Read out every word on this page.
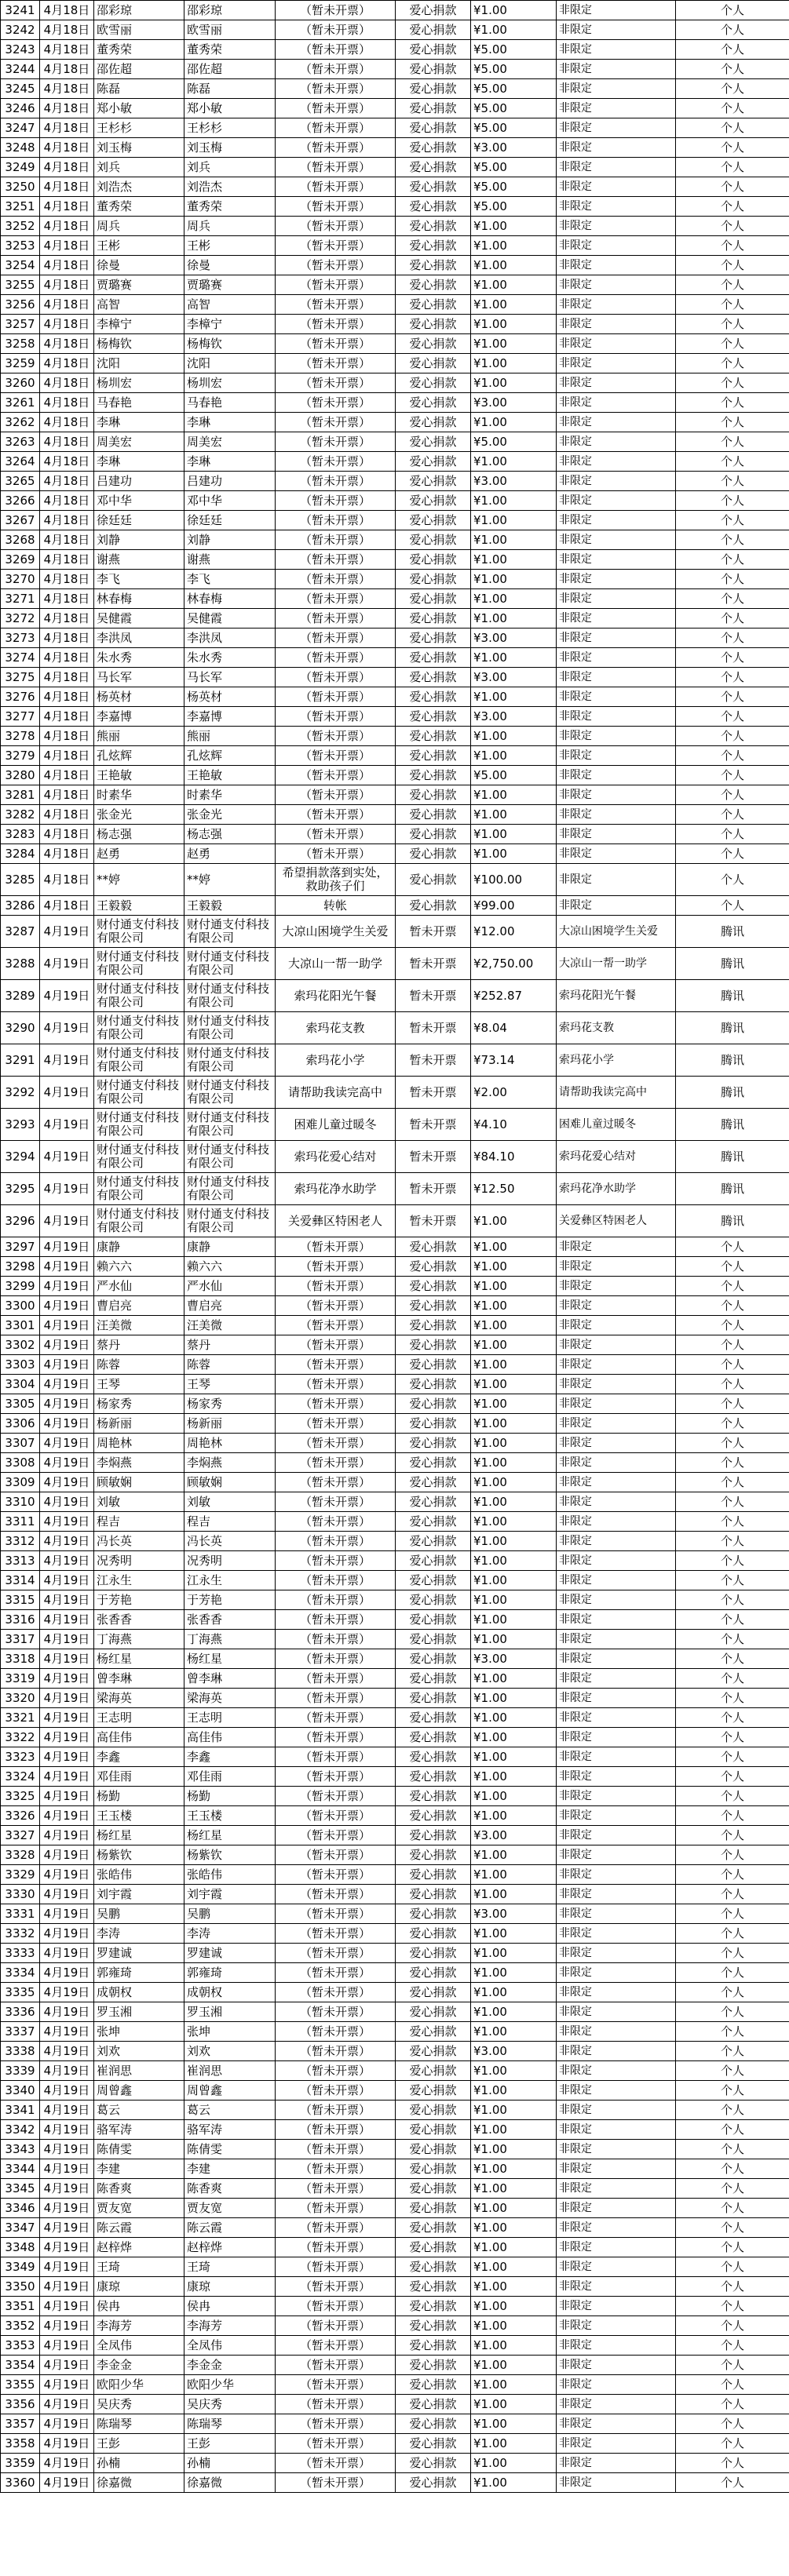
3241	4月18日	邵彩琼	邵彩琼	（暂未开票）	爱心捐款	¥1.00	非限定	个人
3242	4月18日	欧雪丽	欧雪丽	（暂未开票）	爱心捐款	¥1.00	非限定	个人
3243	4月18日	董秀荣	董秀荣	（暂未开票）	爱心捐款	¥5.00	非限定	个人
3244	4月18日	邵佐超	邵佐超	（暂未开票）	爱心捐款	¥5.00	非限定	个人
3245	4月18日	陈磊	陈磊	（暂未开票）	爱心捐款	¥5.00	非限定	个人
3246	4月18日	郑小敏	郑小敏	（暂未开票）	爱心捐款	¥5.00	非限定	个人
3247	4月18日	王杉杉	王杉杉	（暂未开票）	爱心捐款	¥5.00	非限定	个人
3248	4月18日	刘玉梅	刘玉梅	（暂未开票）	爱心捐款	¥3.00	非限定	个人
3249	4月18日	刘兵	刘兵	（暂未开票）	爱心捐款	¥5.00	非限定	个人
3250	4月18日	刘浩杰	刘浩杰	（暂未开票）	爱心捐款	¥5.00	非限定	个人
3251	4月18日	董秀荣	董秀荣	（暂未开票）	爱心捐款	¥5.00	非限定	个人
3252	4月18日	周兵	周兵	（暂未开票）	爱心捐款	¥1.00	非限定	个人
3253	4月18日	王彬	王彬	（暂未开票）	爱心捐款	¥1.00	非限定	个人
3254	4月18日	徐曼	徐曼	（暂未开票）	爱心捐款	¥1.00	非限定	个人
3255	4月18日	贾璐赛	贾璐赛	（暂未开票）	爱心捐款	¥1.00	非限定	个人
3256	4月18日	高智	高智	（暂未开票）	爱心捐款	¥1.00	非限定	个人
3257	4月18日	李樟宁	李樟宁	（暂未开票）	爱心捐款	¥1.00	非限定	个人
3258	4月18日	杨梅钦	杨梅钦	（暂未开票）	爱心捐款	¥1.00	非限定	个人
3259	4月18日	沈阳	沈阳	（暂未开票）	爱心捐款	¥1.00	非限定	个人
3260	4月18日	杨圳宏	杨圳宏	（暂未开票）	爱心捐款	¥1.00	非限定	个人
3261	4月18日	马春艳	马春艳	（暂未开票）	爱心捐款	¥3.00	非限定	个人
3262	4月18日	李琳	李琳	（暂未开票）	爱心捐款	¥1.00	非限定	个人
3263	4月18日	周美宏	周美宏	（暂未开票）	爱心捐款	¥5.00	非限定	个人
3264	4月18日	李琳	李琳	（暂未开票）	爱心捐款	¥1.00	非限定	个人
3265	4月18日	吕建功	吕建功	（暂未开票）	爱心捐款	¥3.00	非限定	个人
3266	4月18日	邓中华	邓中华	（暂未开票）	爱心捐款	¥1.00	非限定	个人
3267	4月18日	徐廷廷	徐廷廷	（暂未开票）	爱心捐款	¥1.00	非限定	个人
3268	4月18日	刘静	刘静	（暂未开票）	爱心捐款	¥1.00	非限定	个人
3269	4月18日	谢燕	谢燕	（暂未开票）	爱心捐款	¥1.00	非限定	个人
3270	4月18日	李飞	李飞	（暂未开票）	爱心捐款	¥1.00	非限定	个人
3271	4月18日	林春梅	林春梅	（暂未开票）	爱心捐款	¥1.00	非限定	个人
3272	4月18日	吴健霞	吴健霞	（暂未开票）	爱心捐款	¥1.00	非限定	个人
3273	4月18日	李洪凤	李洪凤	（暂未开票）	爱心捐款	¥3.00	非限定	个人
3274	4月18日	朱水秀	朱水秀	（暂未开票）	爱心捐款	¥1.00	非限定	个人
3275	4月18日	马长军	马长军	（暂未开票）	爱心捐款	¥3.00	非限定	个人
3276	4月18日	杨英材	杨英材	（暂未开票）	爱心捐款	¥1.00	非限定	个人
3277	4月18日	李嘉博	李嘉博	（暂未开票）	爱心捐款	¥3.00	非限定	个人
3278	4月18日	熊丽	熊丽	（暂未开票）	爱心捐款	¥1.00	非限定	个人
3279	4月18日	孔炫辉	孔炫辉	（暂未开票）	爱心捐款	¥1.00	非限定	个人
3280	4月18日	王艳敏	王艳敏	（暂未开票）	爱心捐款	¥5.00	非限定	个人
3281	4月18日	时素华	时素华	（暂未开票）	爱心捐款	¥1.00	非限定	个人
3282	4月18日	张金光	张金光	（暂未开票）	爱心捐款	¥1.00	非限定	个人
3283	4月18日	杨志强	杨志强	（暂未开票）	爱心捐款	¥1.00	非限定	个人
3284	4月18日	赵勇	赵勇	（暂未开票）	爱心捐款	¥1.00	非限定	个人
3285	4月18日	**婷	**婷	希望捐款落到实处，救助孩子们	爱心捐款	¥100.00	非限定	个人
3286	4月18日	王毅毅	王毅毅	转帐	爱心捐款	¥99.00	非限定	个人
3287	4月19日	财付通支付科技有限公司	财付通支付科技有限公司	大凉山困境学生关爱	暂未开票	¥12.00	大凉山困境学生关爱	腾讯
3288	4月19日	财付通支付科技有限公司	财付通支付科技有限公司	大凉山一帮一助学	暂未开票	¥2,750.00	大凉山一帮一助学	腾讯
3289	4月19日	财付通支付科技有限公司	财付通支付科技有限公司	索玛花阳光午餐	暂未开票	¥252.87	索玛花阳光午餐	腾讯
3290	4月19日	财付通支付科技有限公司	财付通支付科技有限公司	索玛花支教	暂未开票	¥8.04	索玛花支教	腾讯
3291	4月19日	财付通支付科技有限公司	财付通支付科技有限公司	索玛花小学	暂未开票	¥73.14	索玛花小学	腾讯
3292	4月19日	财付通支付科技有限公司	财付通支付科技有限公司	请帮助我读完高中	暂未开票	¥2.00	请帮助我读完高中	腾讯
3293	4月19日	财付通支付科技有限公司	财付通支付科技有限公司	困难儿童过暖冬	暂未开票	¥4.10	困难儿童过暖冬	腾讯
3294	4月19日	财付通支付科技有限公司	财付通支付科技有限公司	索玛花爱心结对	暂未开票	¥84.10	索玛花爱心结对	腾讯
3295	4月19日	财付通支付科技有限公司	财付通支付科技有限公司	索玛花净水助学	暂未开票	¥12.50	索玛花净水助学	腾讯
3296	4月19日	财付通支付科技有限公司	财付通支付科技有限公司	关爱彝区特困老人	暂未开票	¥1.00	关爱彝区特困老人	腾讯
3297	4月19日	康静	康静	（暂未开票）	爱心捐款	¥1.00	非限定	个人
3298	4月19日	赖六六	赖六六	（暂未开票）	爱心捐款	¥1.00	非限定	个人
3299	4月19日	严水仙	严水仙	（暂未开票）	爱心捐款	¥1.00	非限定	个人
3300	4月19日	曹启亮	曹启亮	（暂未开票）	爱心捐款	¥1.00	非限定	个人
3301	4月19日	汪美微	汪美微	（暂未开票）	爱心捐款	¥1.00	非限定	个人
3302	4月19日	蔡丹	蔡丹	（暂未开票）	爱心捐款	¥1.00	非限定	个人
3303	4月19日	陈蓉	陈蓉	（暂未开票）	爱心捐款	¥1.00	非限定	个人
3304	4月19日	王琴	王琴	（暂未开票）	爱心捐款	¥1.00	非限定	个人
3305	4月19日	杨家秀	杨家秀	（暂未开票）	爱心捐款	¥1.00	非限定	个人
3306	4月19日	杨新丽	杨新丽	（暂未开票）	爱心捐款	¥1.00	非限定	个人
3307	4月19日	周艳林	周艳林	（暂未开票）	爱心捐款	¥1.00	非限定	个人
3308	4月19日	李焖燕	李焖燕	（暂未开票）	爱心捐款	¥1.00	非限定	个人
3309	4月19日	顾敏娴	顾敏娴	（暂未开票）	爱心捐款	¥1.00	非限定	个人
3310	4月19日	刘敏	刘敏	（暂未开票）	爱心捐款	¥1.00	非限定	个人
3311	4月19日	程吉	程吉	（暂未开票）	爱心捐款	¥1.00	非限定	个人
3312	4月19日	冯长英	冯长英	（暂未开票）	爱心捐款	¥1.00	非限定	个人
3313	4月19日	况秀明	况秀明	（暂未开票）	爱心捐款	¥1.00	非限定	个人
3314	4月19日	江永生	江永生	（暂未开票）	爱心捐款	¥1.00	非限定	个人
3315	4月19日	于芳艳	于芳艳	（暂未开票）	爱心捐款	¥1.00	非限定	个人
3316	4月19日	张香香	张香香	（暂未开票）	爱心捐款	¥1.00	非限定	个人
3317	4月19日	丁海燕	丁海燕	（暂未开票）	爱心捐款	¥1.00	非限定	个人
3318	4月19日	杨红星	杨红星	（暂未开票）	爱心捐款	¥3.00	非限定	个人
3319	4月19日	曾李琳	曾李琳	（暂未开票）	爱心捐款	¥1.00	非限定	个人
3320	4月19日	梁海英	梁海英	（暂未开票）	爱心捐款	¥1.00	非限定	个人
3321	4月19日	王志明	王志明	（暂未开票）	爱心捐款	¥1.00	非限定	个人
3322	4月19日	高佳伟	高佳伟	（暂未开票）	爱心捐款	¥1.00	非限定	个人
3323	4月19日	李鑫	李鑫	（暂未开票）	爱心捐款	¥1.00	非限定	个人
3324	4月19日	邓佳雨	邓佳雨	（暂未开票）	爱心捐款	¥1.00	非限定	个人
3325	4月19日	杨勤	杨勤	（暂未开票）	爱心捐款	¥1.00	非限定	个人
3326	4月19日	王玉楼	王玉楼	（暂未开票）	爱心捐款	¥1.00	非限定	个人
3327	4月19日	杨红星	杨红星	（暂未开票）	爱心捐款	¥3.00	非限定	个人
3328	4月19日	杨紫钦	杨紫钦	（暂未开票）	爱心捐款	¥1.00	非限定	个人
3329	4月19日	张皓伟	张皓伟	（暂未开票）	爱心捐款	¥1.00	非限定	个人
3330	4月19日	刘宇霞	刘宇霞	（暂未开票）	爱心捐款	¥1.00	非限定	个人
3331	4月19日	吴鹏	吴鹏	（暂未开票）	爱心捐款	¥3.00	非限定	个人
3332	4月19日	李涛	李涛	（暂未开票）	爱心捐款	¥1.00	非限定	个人
3333	4月19日	罗建诚	罗建诚	（暂未开票）	爱心捐款	¥1.00	非限定	个人
3334	4月19日	郭雍琦	郭雍琦	（暂未开票）	爱心捐款	¥1.00	非限定	个人
3335	4月19日	成朝权	成朝权	（暂未开票）	爱心捐款	¥1.00	非限定	个人
3336	4月19日	罗玉湘	罗玉湘	（暂未开票）	爱心捐款	¥1.00	非限定	个人
3337	4月19日	张坤	张坤	（暂未开票）	爱心捐款	¥1.00	非限定	个人
3338	4月19日	刘欢	刘欢	（暂未开票）	爱心捐款	¥3.00	非限定	个人
3339	4月19日	崔润思	崔润思	（暂未开票）	爱心捐款	¥1.00	非限定	个人
3340	4月19日	周曾鑫	周曾鑫	（暂未开票）	爱心捐款	¥1.00	非限定	个人
3341	4月19日	葛云	葛云	（暂未开票）	爱心捐款	¥1.00	非限定	个人
3342	4月19日	骆军涛	骆军涛	（暂未开票）	爱心捐款	¥1.00	非限定	个人
3343	4月19日	陈倩雯	陈倩雯	（暂未开票）	爱心捐款	¥1.00	非限定	个人
3344	4月19日	李建	李建	（暂未开票）	爱心捐款	¥1.00	非限定	个人
3345	4月19日	陈香爽	陈香爽	（暂未开票）	爱心捐款	¥1.00	非限定	个人
3346	4月19日	贾友宽	贾友宽	（暂未开票）	爱心捐款	¥1.00	非限定	个人
3347	4月19日	陈云霞	陈云霞	（暂未开票）	爱心捐款	¥1.00	非限定	个人
3348	4月19日	赵梓烨	赵梓烨	（暂未开票）	爱心捐款	¥1.00	非限定	个人
3349	4月19日	王琦	王琦	（暂未开票）	爱心捐款	¥1.00	非限定	个人
3350	4月19日	康琼	康琼	（暂未开票）	爱心捐款	¥1.00	非限定	个人
3351	4月19日	侯冉	侯冉	（暂未开票）	爱心捐款	¥1.00	非限定	个人
3352	4月19日	李海芳	李海芳	（暂未开票）	爱心捐款	¥1.00	非限定	个人
3353	4月19日	全凤伟	全凤伟	（暂未开票）	爱心捐款	¥1.00	非限定	个人
3354	4月19日	李金金	李金金	（暂未开票）	爱心捐款	¥1.00	非限定	个人
3355	4月19日	欧阳少华	欧阳少华	（暂未开票）	爱心捐款	¥1.00	非限定	个人
3356	4月19日	吴庆秀	吴庆秀	（暂未开票）	爱心捐款	¥1.00	非限定	个人
3357	4月19日	陈瑞琴	陈瑞琴	（暂未开票）	爱心捐款	¥1.00	非限定	个人
3358	4月19日	王彭	王彭	（暂未开票）	爱心捐款	¥1.00	非限定	个人
3359	4月19日	孙楠	孙楠	（暂未开票）	爱心捐款	¥1.00	非限定	个人
3360	4月19日	徐嘉微	徐嘉微	（暂未开票）	爱心捐款	¥1.00	非限定	个人
